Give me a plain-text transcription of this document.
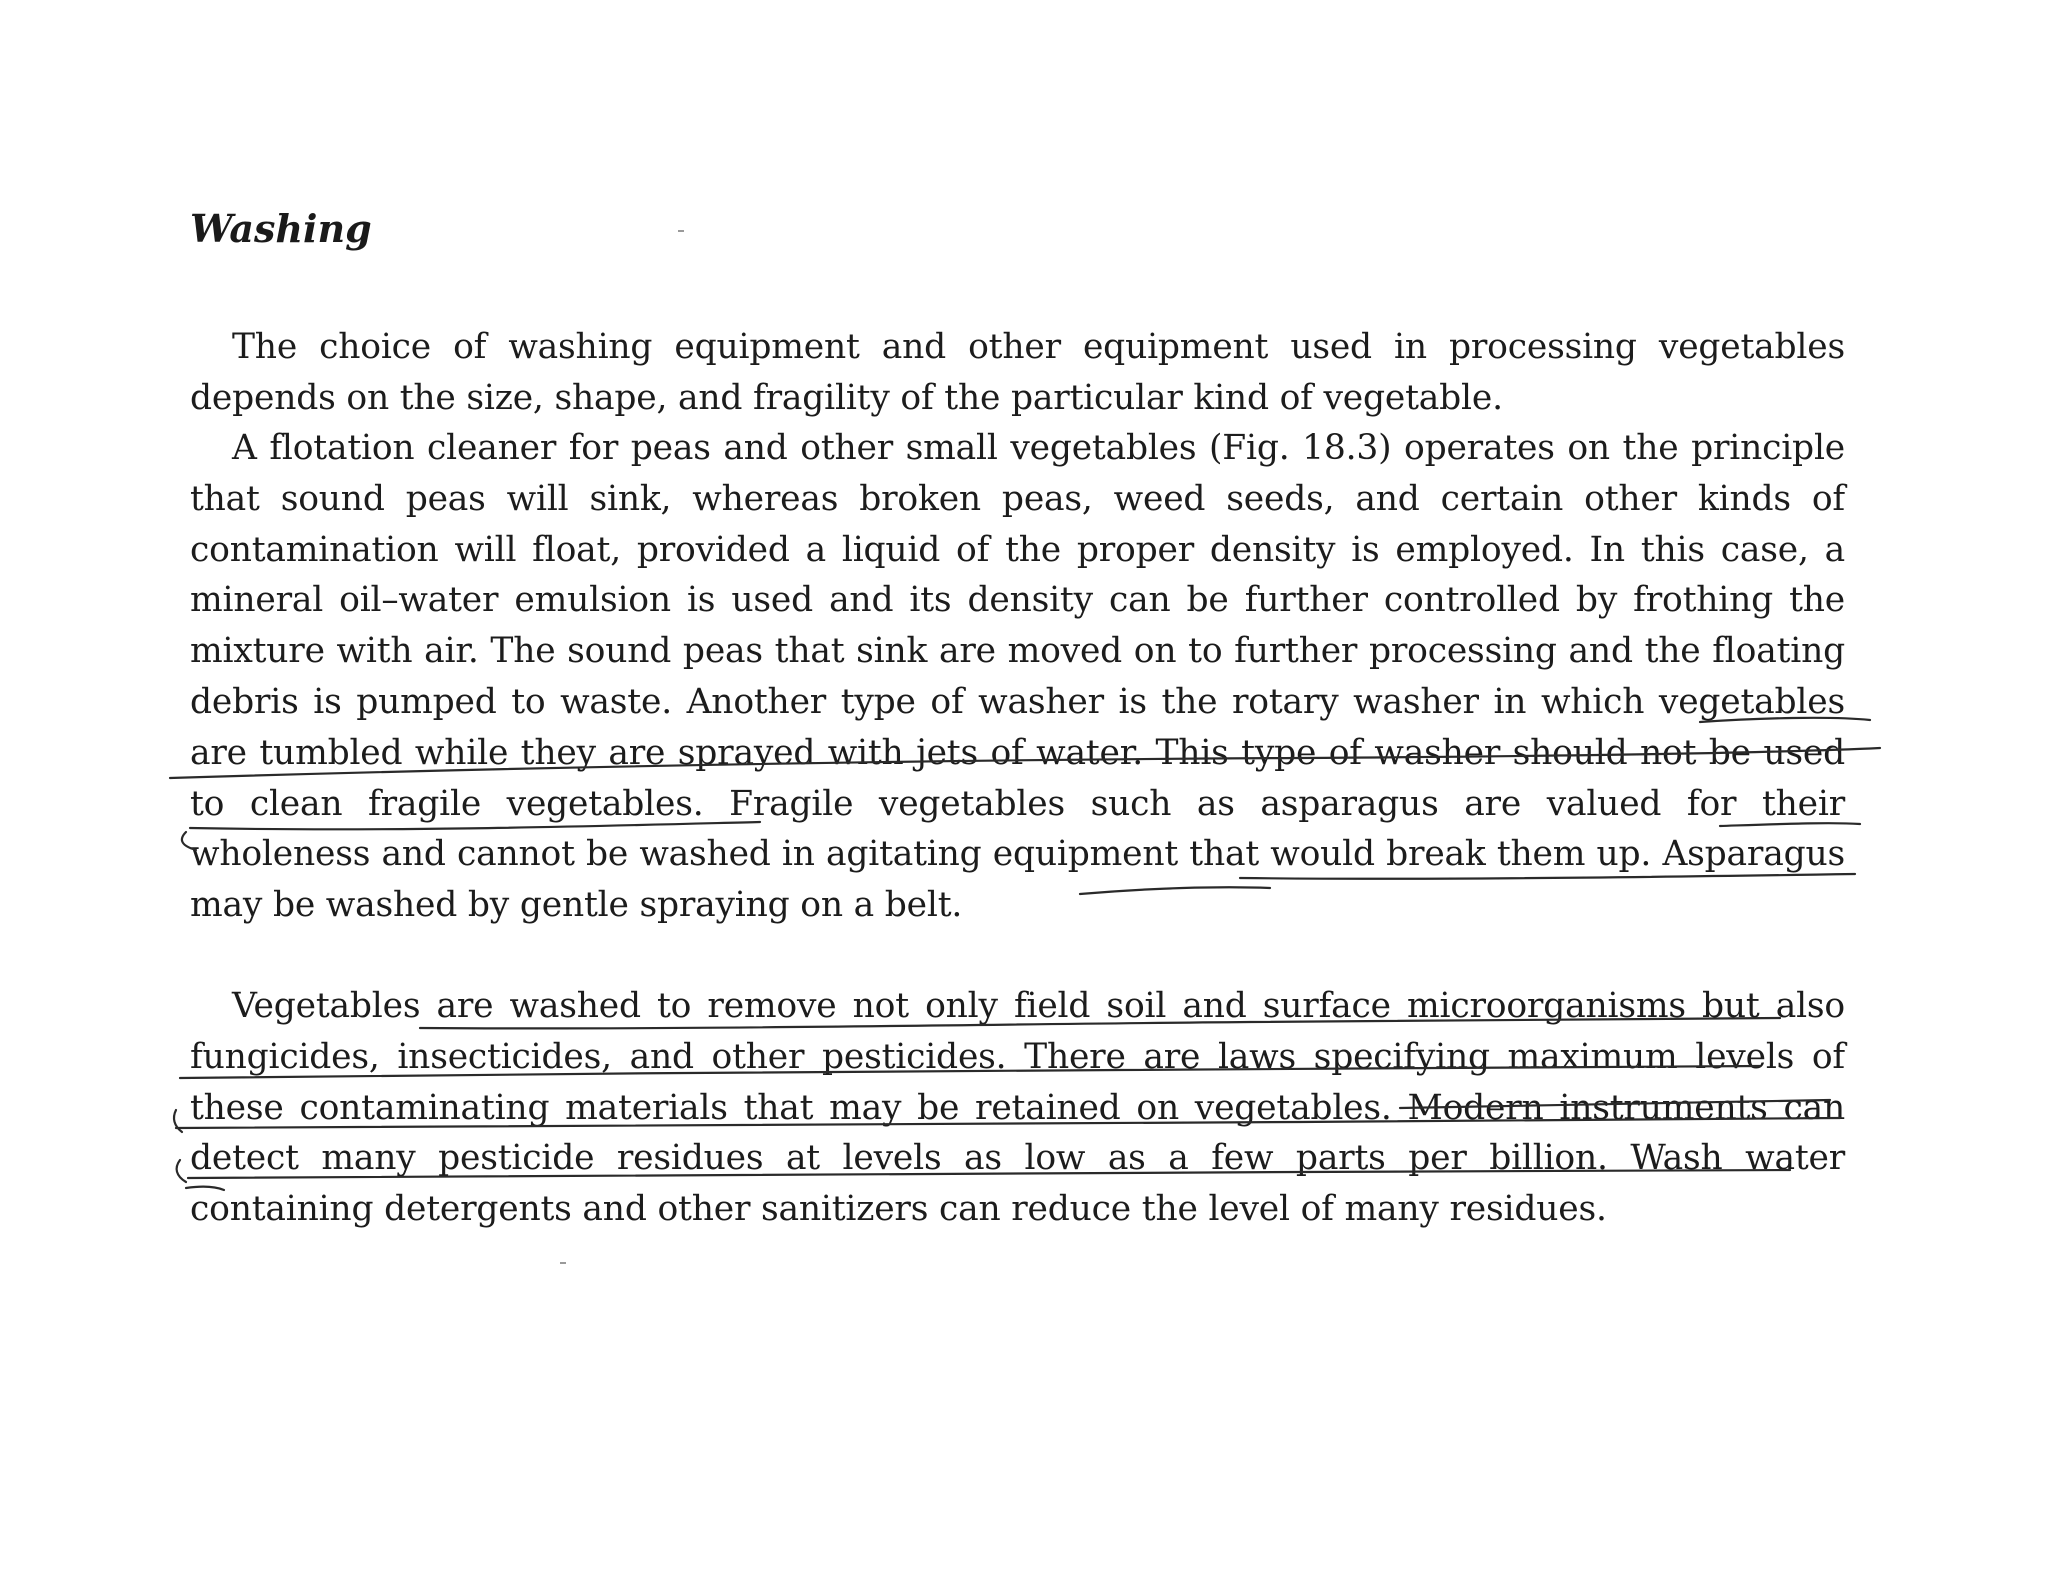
Washing

The choice of washing equipment and other equipment used in processing vegetables depends on the size, shape, and fragility of the particular kind of vegetable.

A flotation cleaner for peas and other small vegetables (Fig. 18.3) operates on the principle that sound peas will sink, whereas broken peas, weed seeds, and certain other kinds of contamination will float, provided a liquid of the proper density is employed. In this case, a mineral oil–water emulsion is used and its density can be further controlled by frothing the mixture with air. The sound peas that sink are moved on to further processing and the floating debris is pumped to waste. Another type of washer is the rotary washer in which vegetables are tumbled while they are sprayed with jets of water. This type of washer should not be used to clean fragile vegetables. Fragile vegetables such as asparagus are valued for their wholeness and cannot be washed in agitating equipment that would break them up. Asparagus may be washed by gentle spraying on a belt.

Vegetables are washed to remove not only field soil and surface microorganisms but also fungicides, insecticides, and other pesticides. There are laws specifying maximum levels of these contaminating materials that may be retained on vegetables. Modern instruments can detect many pesticide residues at levels as low as a few parts per billion. Wash water containing detergents and other sanitizers can reduce the level of many residues.
